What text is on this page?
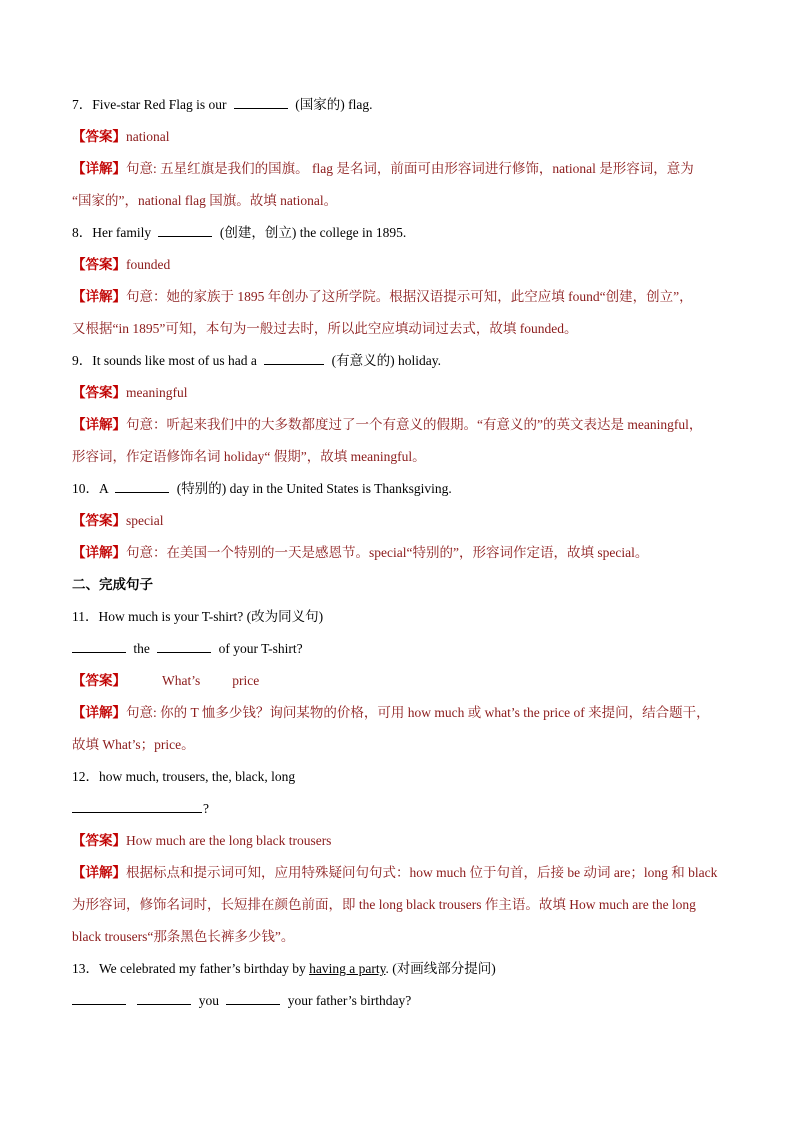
7．Five-star Red Flag is our	(国家的) flag.
【答案】national
【详解】句意: 五星红旗是我们的国旗。 flag 是名词，前面可由形容词进行修饰，national 是形容词，意为
“国家的”，national flag 国旗。故填 national。
8．Her family	(创建，创立) the college in 1895.
【答案】founded
【详解】句意：她的家族于 1895 年创办了这所学院。根据汉语提示可知，此空应填 found“创建，创立”，
又根据“in 1895”可知，本句为一般过去时，所以此空应填动词过去式，故填 founded。
9．It sounds like most of us had a	(有意义的) holiday.
【答案】meaningful
【详解】句意：听起来我们中的大多数都度过了一个有意义的假期。“有意义的”的英文表达是 meaningful，
形容词，作定语修饰名词 holiday“ 假期”，故填 meaningful。
10．A	(特别的) day in the United States is Thanksgiving.
【答案】special
【详解】句意：在美国一个特别的一天是感恩节。special“特别的”，形容词作定语，故填 special。
二、完成句子
11．How much is your T-shirt? (改为同义句)
the	of your T-shirt?
【答案】	What’s price
【详解】句意: 你的 T 恤多少钱？询问某物的价格，可用 how much 或 what’s the price of 来提问，结合题干，
故填 What’s；price。
12．how much, trousers, the, black, long
?
【答案】How much are the long black trousers
【详解】根据标点和提示词可知，应用特殊疑问句句式：how much 位于句首，后接 be 动词 are；long 和 black
为形容词，修饰名词时，长短排在颜色前面，即 the long black trousers 作主语。故填 How much are the long
black trousers“那条黑色长裤多少钱”。
13．We celebrated my father’s birthday by having a party. (对画线部分提问)
you	your father’s birthday?
